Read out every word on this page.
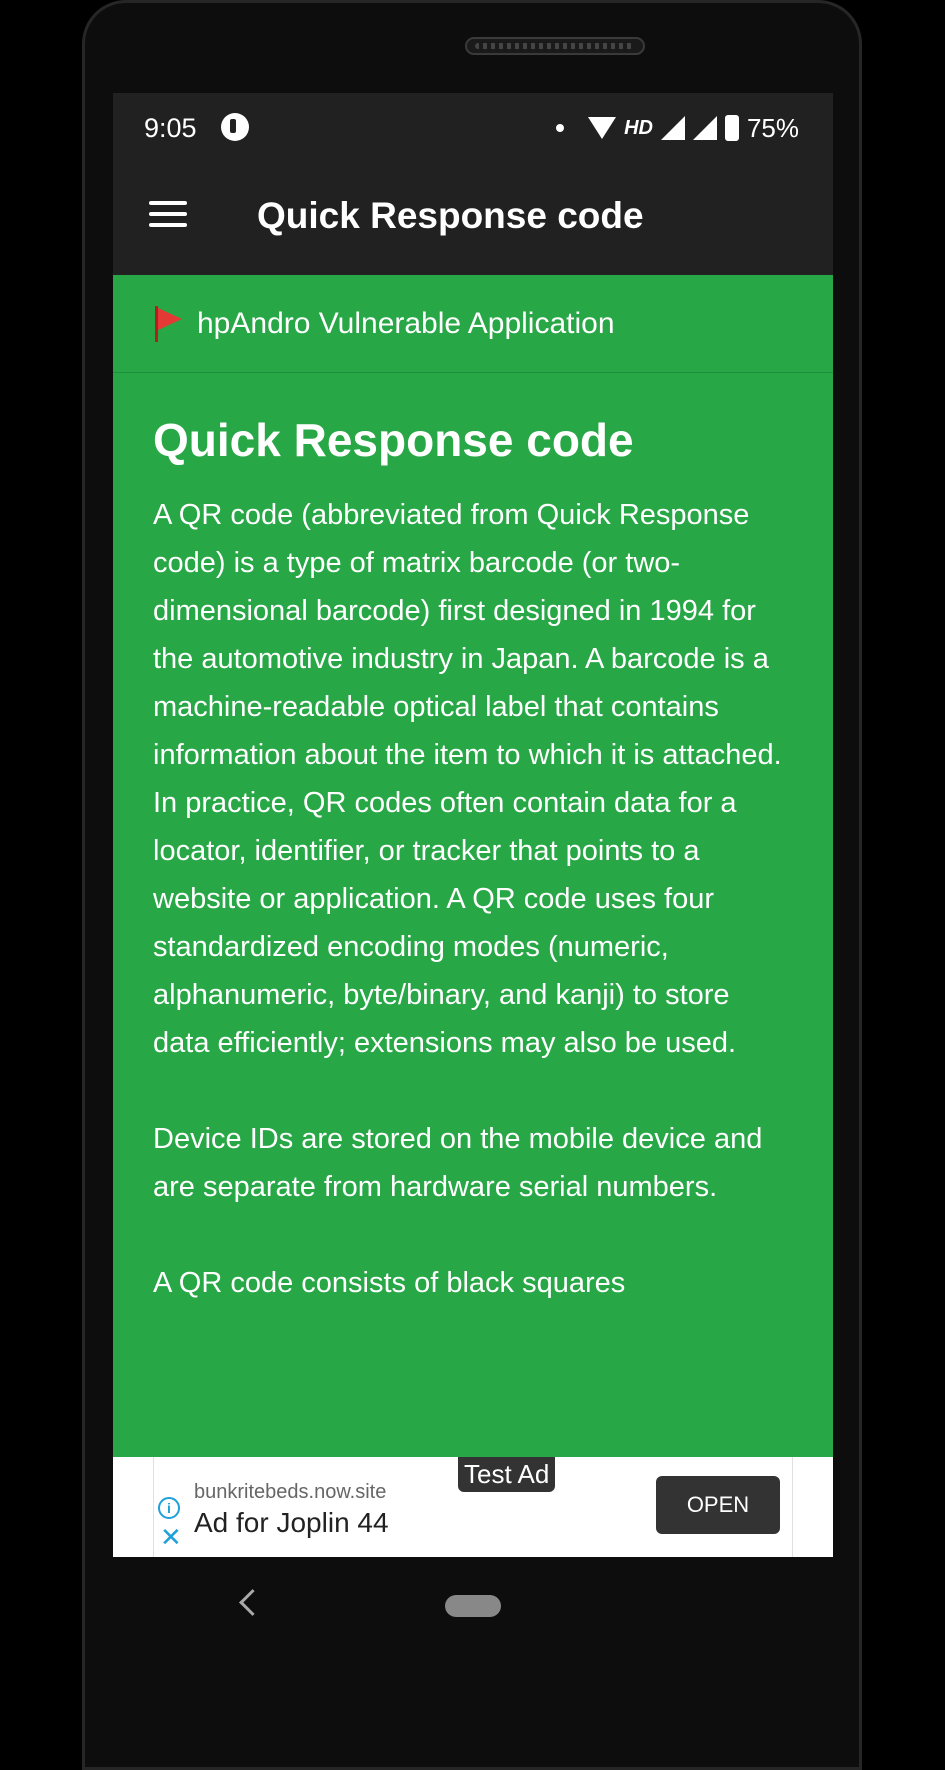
9:05	HD	75%
Quick Response code
hpAndro Vulnerable Application
Quick Response code

A QR code (abbreviated from Quick Response code) is a type of matrix barcode (or two-dimensional barcode) first designed in 1994 for the automotive industry in Japan. A barcode is a machine-readable optical label that contains information about the item to which it is attached. In practice, QR codes often contain data for a locator, identifier, or tracker that points to a website or application. A QR code uses four standardized encoding modes (numeric, alphanumeric, byte/binary, and kanji) to store data efficiently; extensions may also be used.

Device IDs are stored on the mobile device and are separate from hardware serial numbers.

A QR code consists of black squares

i
✕
bunkritebeds.now.site
Ad for Joplin 44
Test Ad
OPEN
